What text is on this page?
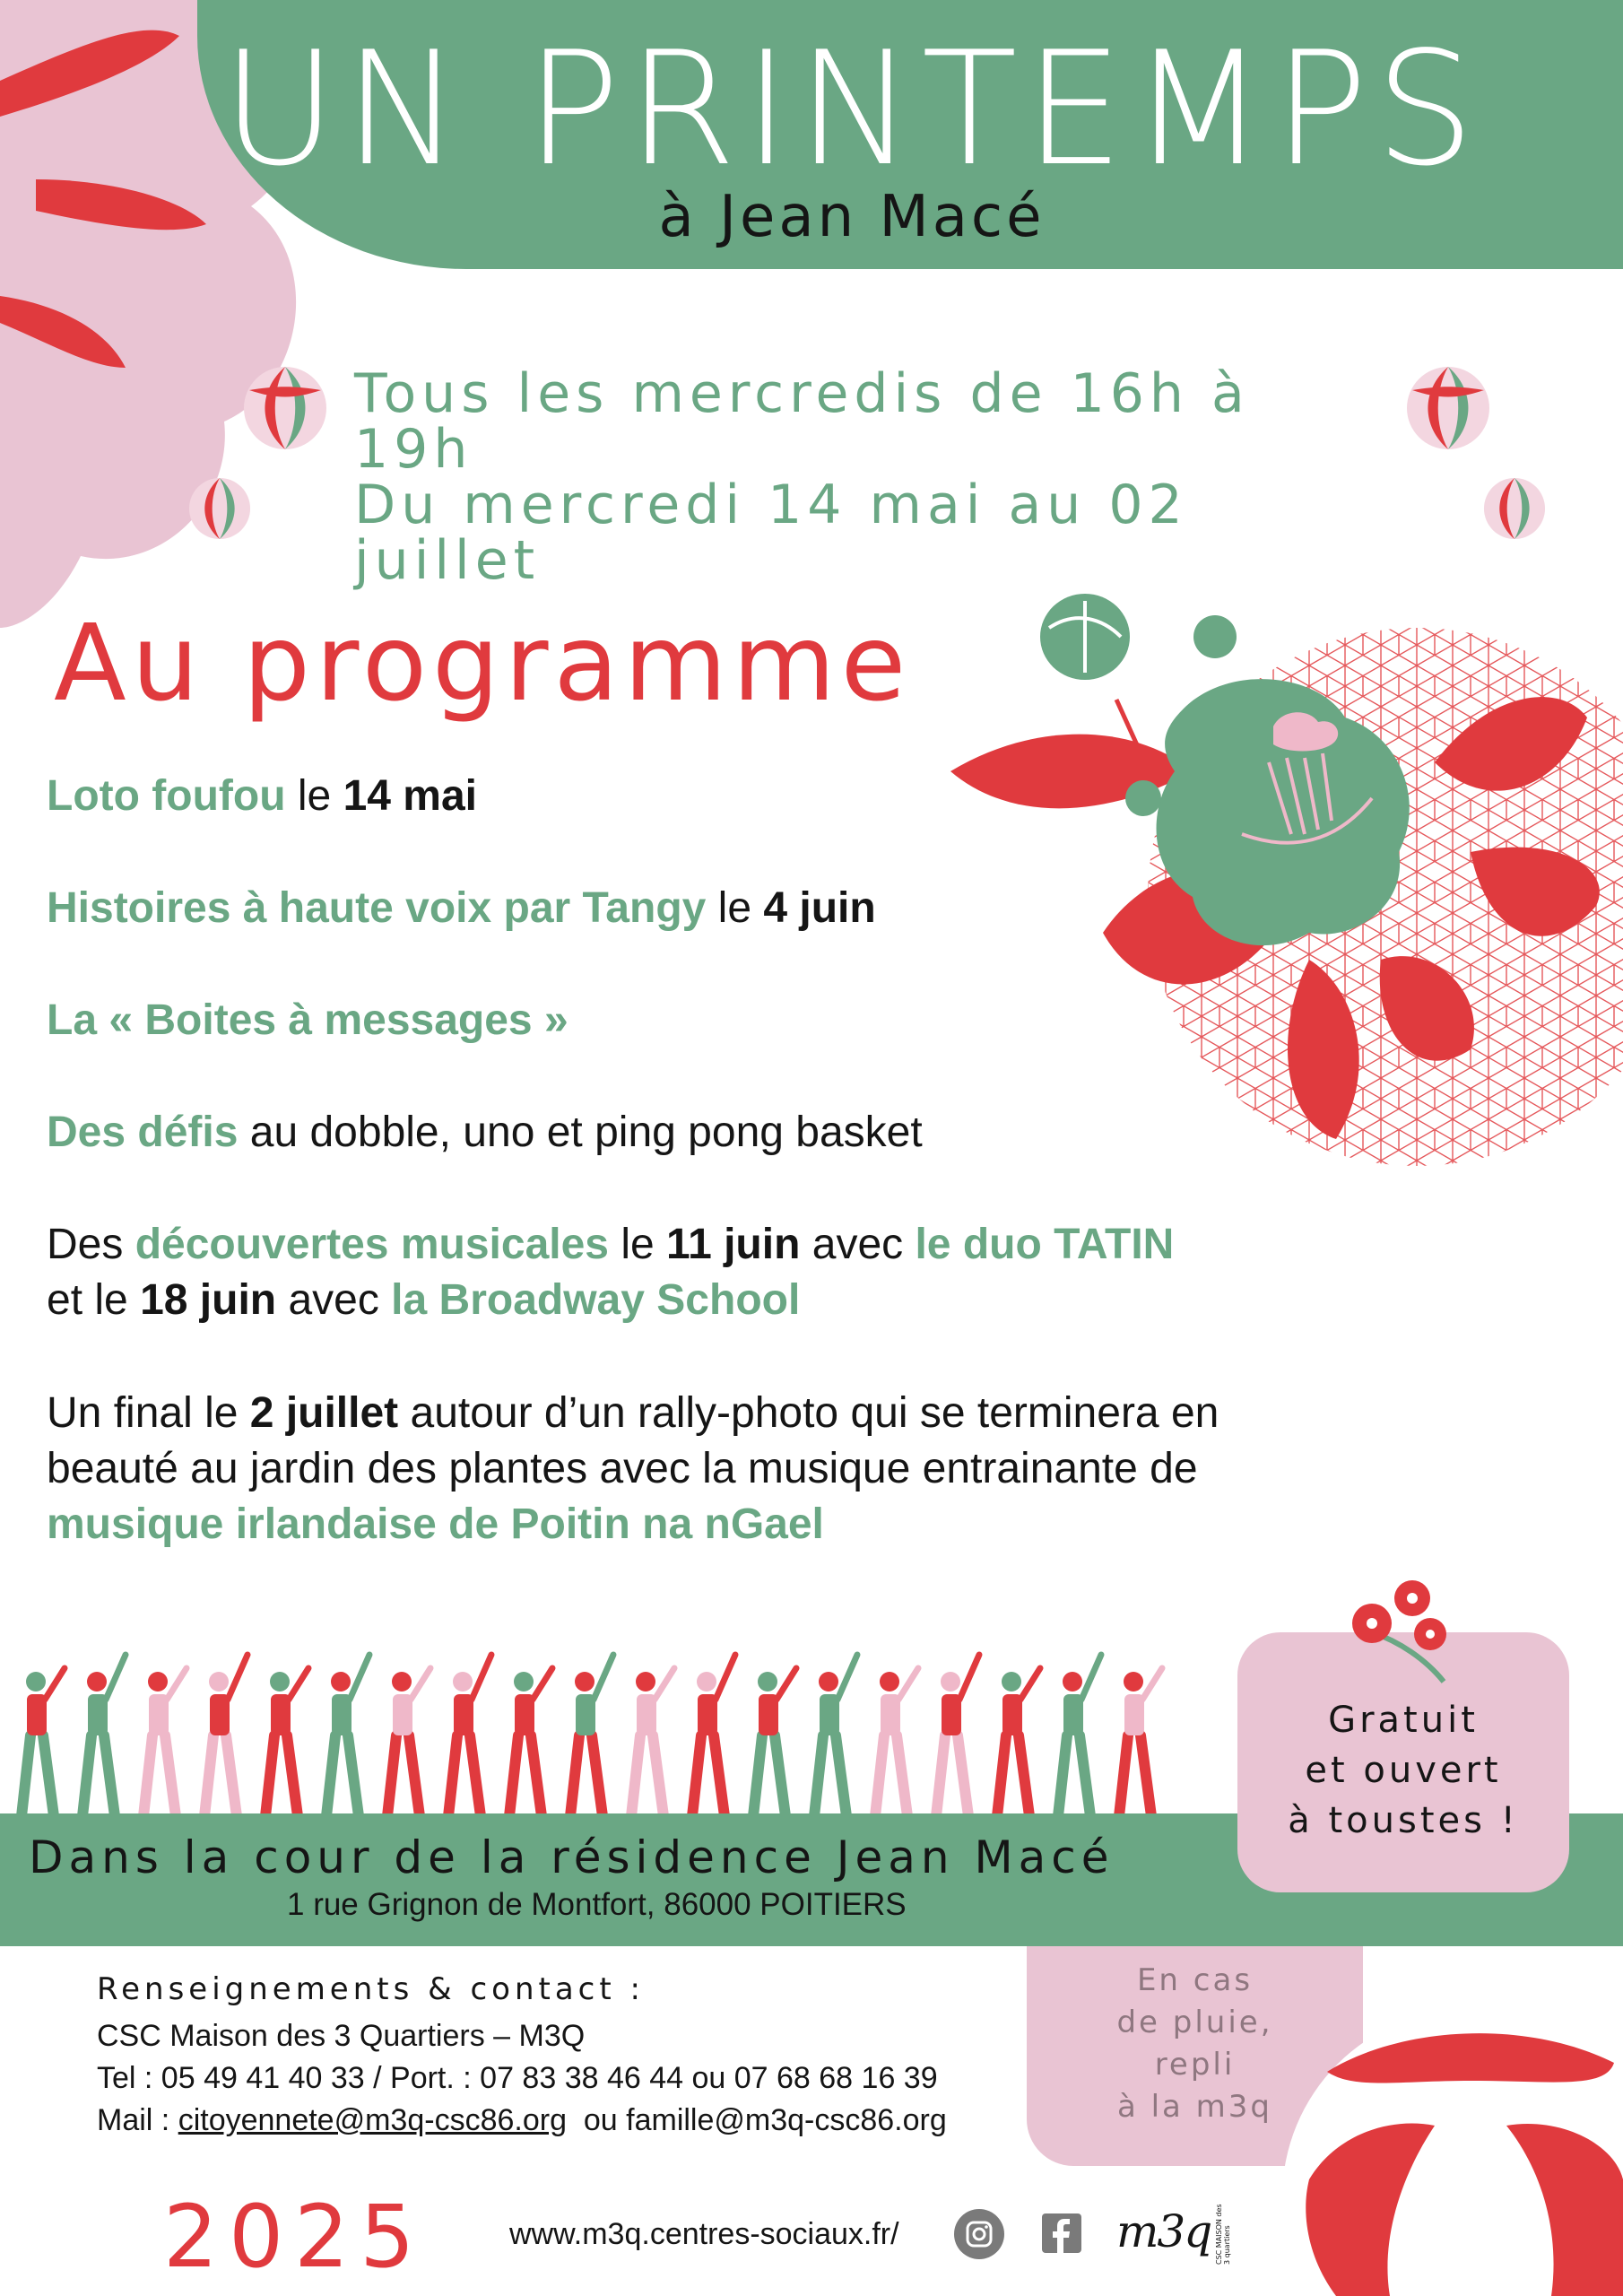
UN PRINTEMPS
à Jean Macé
Tous les mercredis de 16h à 19h
Du mercredi 14 mai au 02 juillet
Au programme
Loto foufou le 14 mai
Histoires à haute voix par Tangy le 4 juin
La « Boites à messages »
Des défis au dobble, uno et ping pong basket
Des découvertes musicales le 11 juin avec le duo TATIN
et le 18 juin avec la Broadway School
Un final le 2 juillet autour d’un rally-photo qui se terminera en
beauté au jardin des plantes avec la musique entrainante de
musique irlandaise de Poitin na nGael
Dans la cour de la résidence Jean Macé
1 rue Grignon de Montfort, 86000 POITIERS
Gratuit
et ouvert
à toustes !
En cas
de pluie,
repli
à la m3q
Renseignements & contact :
CSC Maison des 3 Quartiers – M3Q
Tel : 05 49 41 40 33 / Port. : 07 83 38 46 44 ou 07 68 68 16 39
Mail : citoyennete@m3q-csc86.org  ou famille@m3q-csc86.org
2025	www.m3q.centres-sociaux.fr/	m3q CSC MAISON des 3 quartiers
